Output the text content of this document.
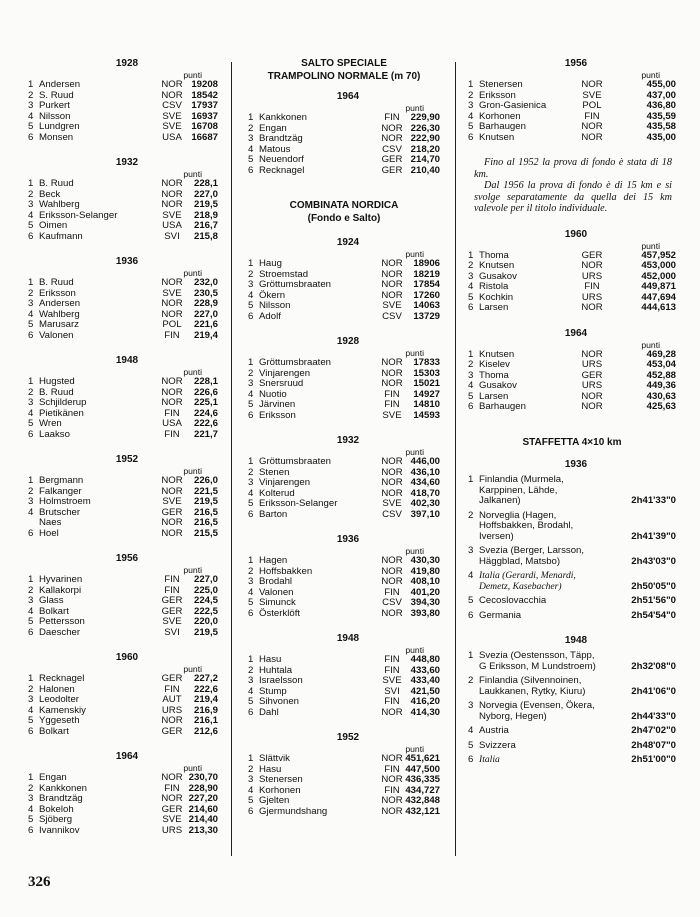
1928
punti
1 Andersen	NOR 19208
2 S. Ruud	NOR 18542
3 Purkert	CSV 17937
4 Nilsson	SVE	16937
5 Lundgren	SVE	16708
6 Monsen	USA 16687
1932
punti
1 B. Ruud	NOR	228,1
2 Beck	NOR	227,0
3 Wahlberg	NOR	219,5
4 Eriksson-Selanger	SVE	218,9
5 Oimen	USA	216,7
6 Kaufmann	SVI	215,8
1936
punti
1 B. Ruud	NOR	232,0
2 Eriksson	SVE	230,5
3 Andersen	NOR	228,9
4 Wahlberg	NOR	227,0
5 Marusarz	POL	221,6
6 Valonen	FIN	219,4
1948
punti
1 Hugsted	NOR	228,1
2 B. Ruud	NOR	226,6
3 Schjilderup	NOR	225,1
4 Pietikänen	FIN	224,6
5 Wren	USA	222,6
6 Laakso	FIN	221,7
1952
punti
1 Bergmann	NOR	226,0
2 Falkanger	NOR	221,5
3 Holmstroem	SVE	219,5
4 Brutscher	GER	216,5
Naes	NOR	216,5
6 Hoel	NOR	215,5
1956
punti
1 Hyvarinen	FIN	227,0
2 Kallakorpi	FIN	225,0
3 Glass	GER	224,5
4 Bolkart	GER	222,5
5 Pettersson	SVE	220,0
6 Daescher	SVI	219,5
1960
punti
1 Recknagel	GER	227,2
2 Halonen	FIN	222,6
3 Leodolter	AUT	219,4
4 Kamenskiy	URS	216,9
5 Yggeseth	NOR	216,1
6 Bolkart	GER	212,6
1964
punti
1 Engan	NOR 230,70
2 Kankkonen	FIN 228,90
3 Brandtzäg	NOR 227,20
4 Bokeloh	GER 214,60
5 Sjöberg	SVE 214,40
6 Ivannikov	URS 213,30
SALTO SPECIALE
TRAMPOLINO NORMALE (m 70)
1964
punti
1 Kankkonen	FIN	229,90
2 Engan	NOR 226,30
3 Brandtzäg	NOR 222,90
4 Matous	CSV 218,20
5 Neuendorf	GER 214,70
6 Recknagel	GER 210,40
COMBINATA NORDICA
(Fondo e Salto)
1924
punti
1 Haug	NOR	18906
2 Stroemstad	NOR	18219
3 Gröttumsbraaten	NOR	17854
4 Ökern	NOR	17260
5 Nilsson	SVE	14063
6 Adolf	CSV	13729
1928
punti
1 Gröttumsbraaten	NOR	17833
2 Vinjarengen	NOR	15303
3 Snersruud	NOR	15021
4 Nuotio	FIN	14927
5 Järvinen	FIN	14810
6 Eriksson	SVE	14593
1932
punti
1 Gröttumsbraaten	NOR 446,00
2 Stenen	NOR 436,10
3 Vinjarengen	NOR 434,60
4 Kolterud	NOR 418,70
5 Eriksson-Selanger	SVE 402,30
6 Barton	CSV 397,10
1936
punti
1 Hagen	NOR 430,30
2 Hoffsbakken	NOR 419,80
3 Brodahl	NOR 408,10
4 Valonen	FIN	401,20
5 Simunck	CSV 394,30
6 Österklöft	NOR 393,80
1948
punti
1 Hasu	FIN	448,80
2 Huhtala	FIN	433,60
3 Israelsson	SVE 433,40
4 Stump	SVI	421,50
5 Sihvonen	FIN	416,20
6 Dahl	NOR 414,30
1952
punti
1 Slättvik	NOR 451,621
2 Hasu	FIN 447,500
3 Stenersen	NOR 436,335
4 Korhonen	FIN 434,727
5 Gjelten	NOR 432,848
6 Gjermundshang	NOR 432,121
1956
punti
1 Stenersen	NOR	455,00
2 Eriksson	SVE	437,00
3 Gron-Gasienica	POL	436,80
4 Korhonen	FIN	435,59
5 Barhaugen	NOR	435,58
6 Knutsen	NOR	435,00

Fino al 1952 la prova di fondo è stata di 18 km.

Dal 1956 la prova di fondo è di 15 km e si svolge separatamente da quella dei 15 km valevole per il titolo individuale.

1960
punti
1 Thoma	GER	457,952
2 Knutsen	NOR	453,000
3 Gusakov	URS	452,000
4 Ristola	FIN	449,871
5 Kochkin	URS	447,694
6 Larsen	NOR	444,613
1964
punti
1 Knutsen	NOR	469,28
2 Kiselev	URS	453,04
3 Thoma	GER	452,88
4 Gusakov	URS	449,36
5 Larsen	NOR	430,63
6 Barhaugen	NOR	425,63
STAFFETTA 4×10 km
1936
1 Finlandia (Murmela, Karppinen, Lähde, Jalkanen)	2h41'33"0
2 Norveglia (Hagen, Hoffsbakken, Brodahl, Iversen)	2h41'39"0
3 Svezia (Berger, Larsson, Häggblad, Matsbo)	2h43'03"0
4 Italia (Gerardi, Menardi, Demetz, Kasebacher)	2h50'05"0
5 Cecoslovacchia	2h51'56"0
6 Germania	2h54'54"0
1948
1 Svezia (Oestensson, Täpp, G Eriksson, M Lundstroem)	2h32'08"0
2 Finlandia (Silvennoinen, Laukkanen, Rytky, Kiuru)	2h41'06"0
3 Norvegia (Evensen, Ökera, Nyborg, Hegen)	2h44'33"0
4 Austria	2h47'02"0
5 Svizzera	2h48'07"0
6 Italia	2h51'00"0
326
